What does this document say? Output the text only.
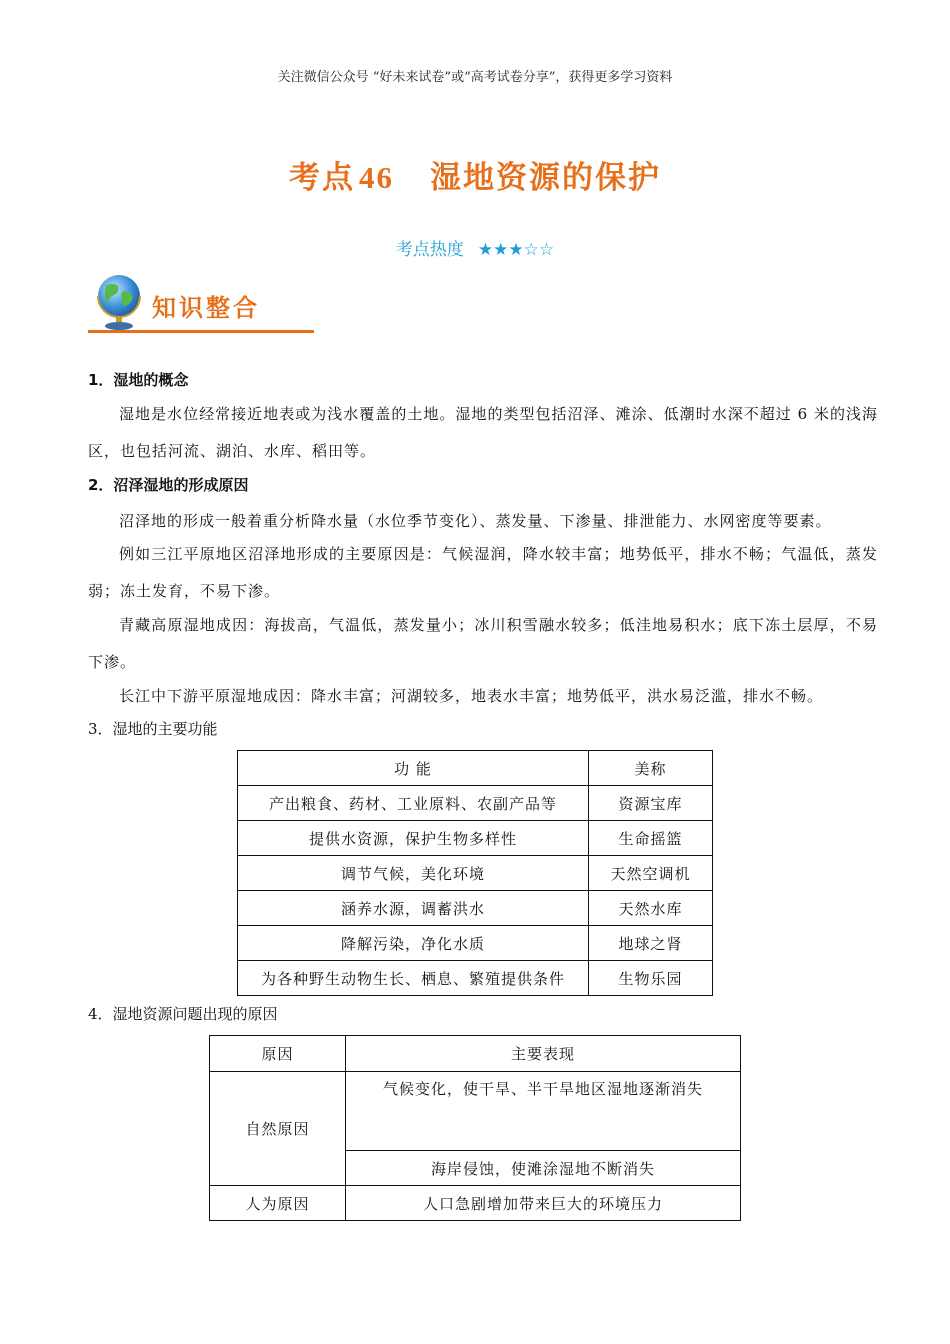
关注微信公众号 “好未来试卷”或“高考试卷分享”，获得更多学习资料
考点 46 湿地资源的保护
考点热度 ★★★☆☆
知识整合
1．湿地的概念
湿地是水位经常接近地表或为浅水覆盖的土地。湿地的类型包括沼泽、滩涂、低潮时水深不超过 6 米的浅海区，也包括河流、湖泊、水库、稻田等。
2．沼泽湿地的形成原因
沼泽地的形成一般着重分析降水量（水位季节变化）、蒸发量、下渗量、排泄能力、水网密度等要素。
例如三江平原地区沼泽地形成的主要原因是：气候湿润，降水较丰富；地势低平，排水不畅；气温低，蒸发弱；冻土发育，不易下渗。
青藏高原湿地成因：海拔高，气温低，蒸发量小；冰川积雪融水较多；低洼地易积水；底下冻土层厚，不易下渗。
长江中下游平原湿地成因：降水丰富；河湖较多，地表水丰富；地势低平，洪水易泛滥，排水不畅。
3．湿地的主要功能
功 能	美称
产出粮食、药材、工业原料、农副产品等	资源宝库
提供水资源，保护生物多样性	生命摇篮
调节气候，美化环境	天然空调机
涵养水源，调蓄洪水	天然水库
降解污染，净化水质	地球之肾
为各种野生动物生长、栖息、繁殖提供条件	生物乐园
4．湿地资源问题出现的原因
原因	主要表现
自然原因	气候变化，使干旱、半干旱地区湿地逐渐消失
	海岸侵蚀，使滩涂湿地不断消失
人为原因	人口急剧增加带来巨大的环境压力
